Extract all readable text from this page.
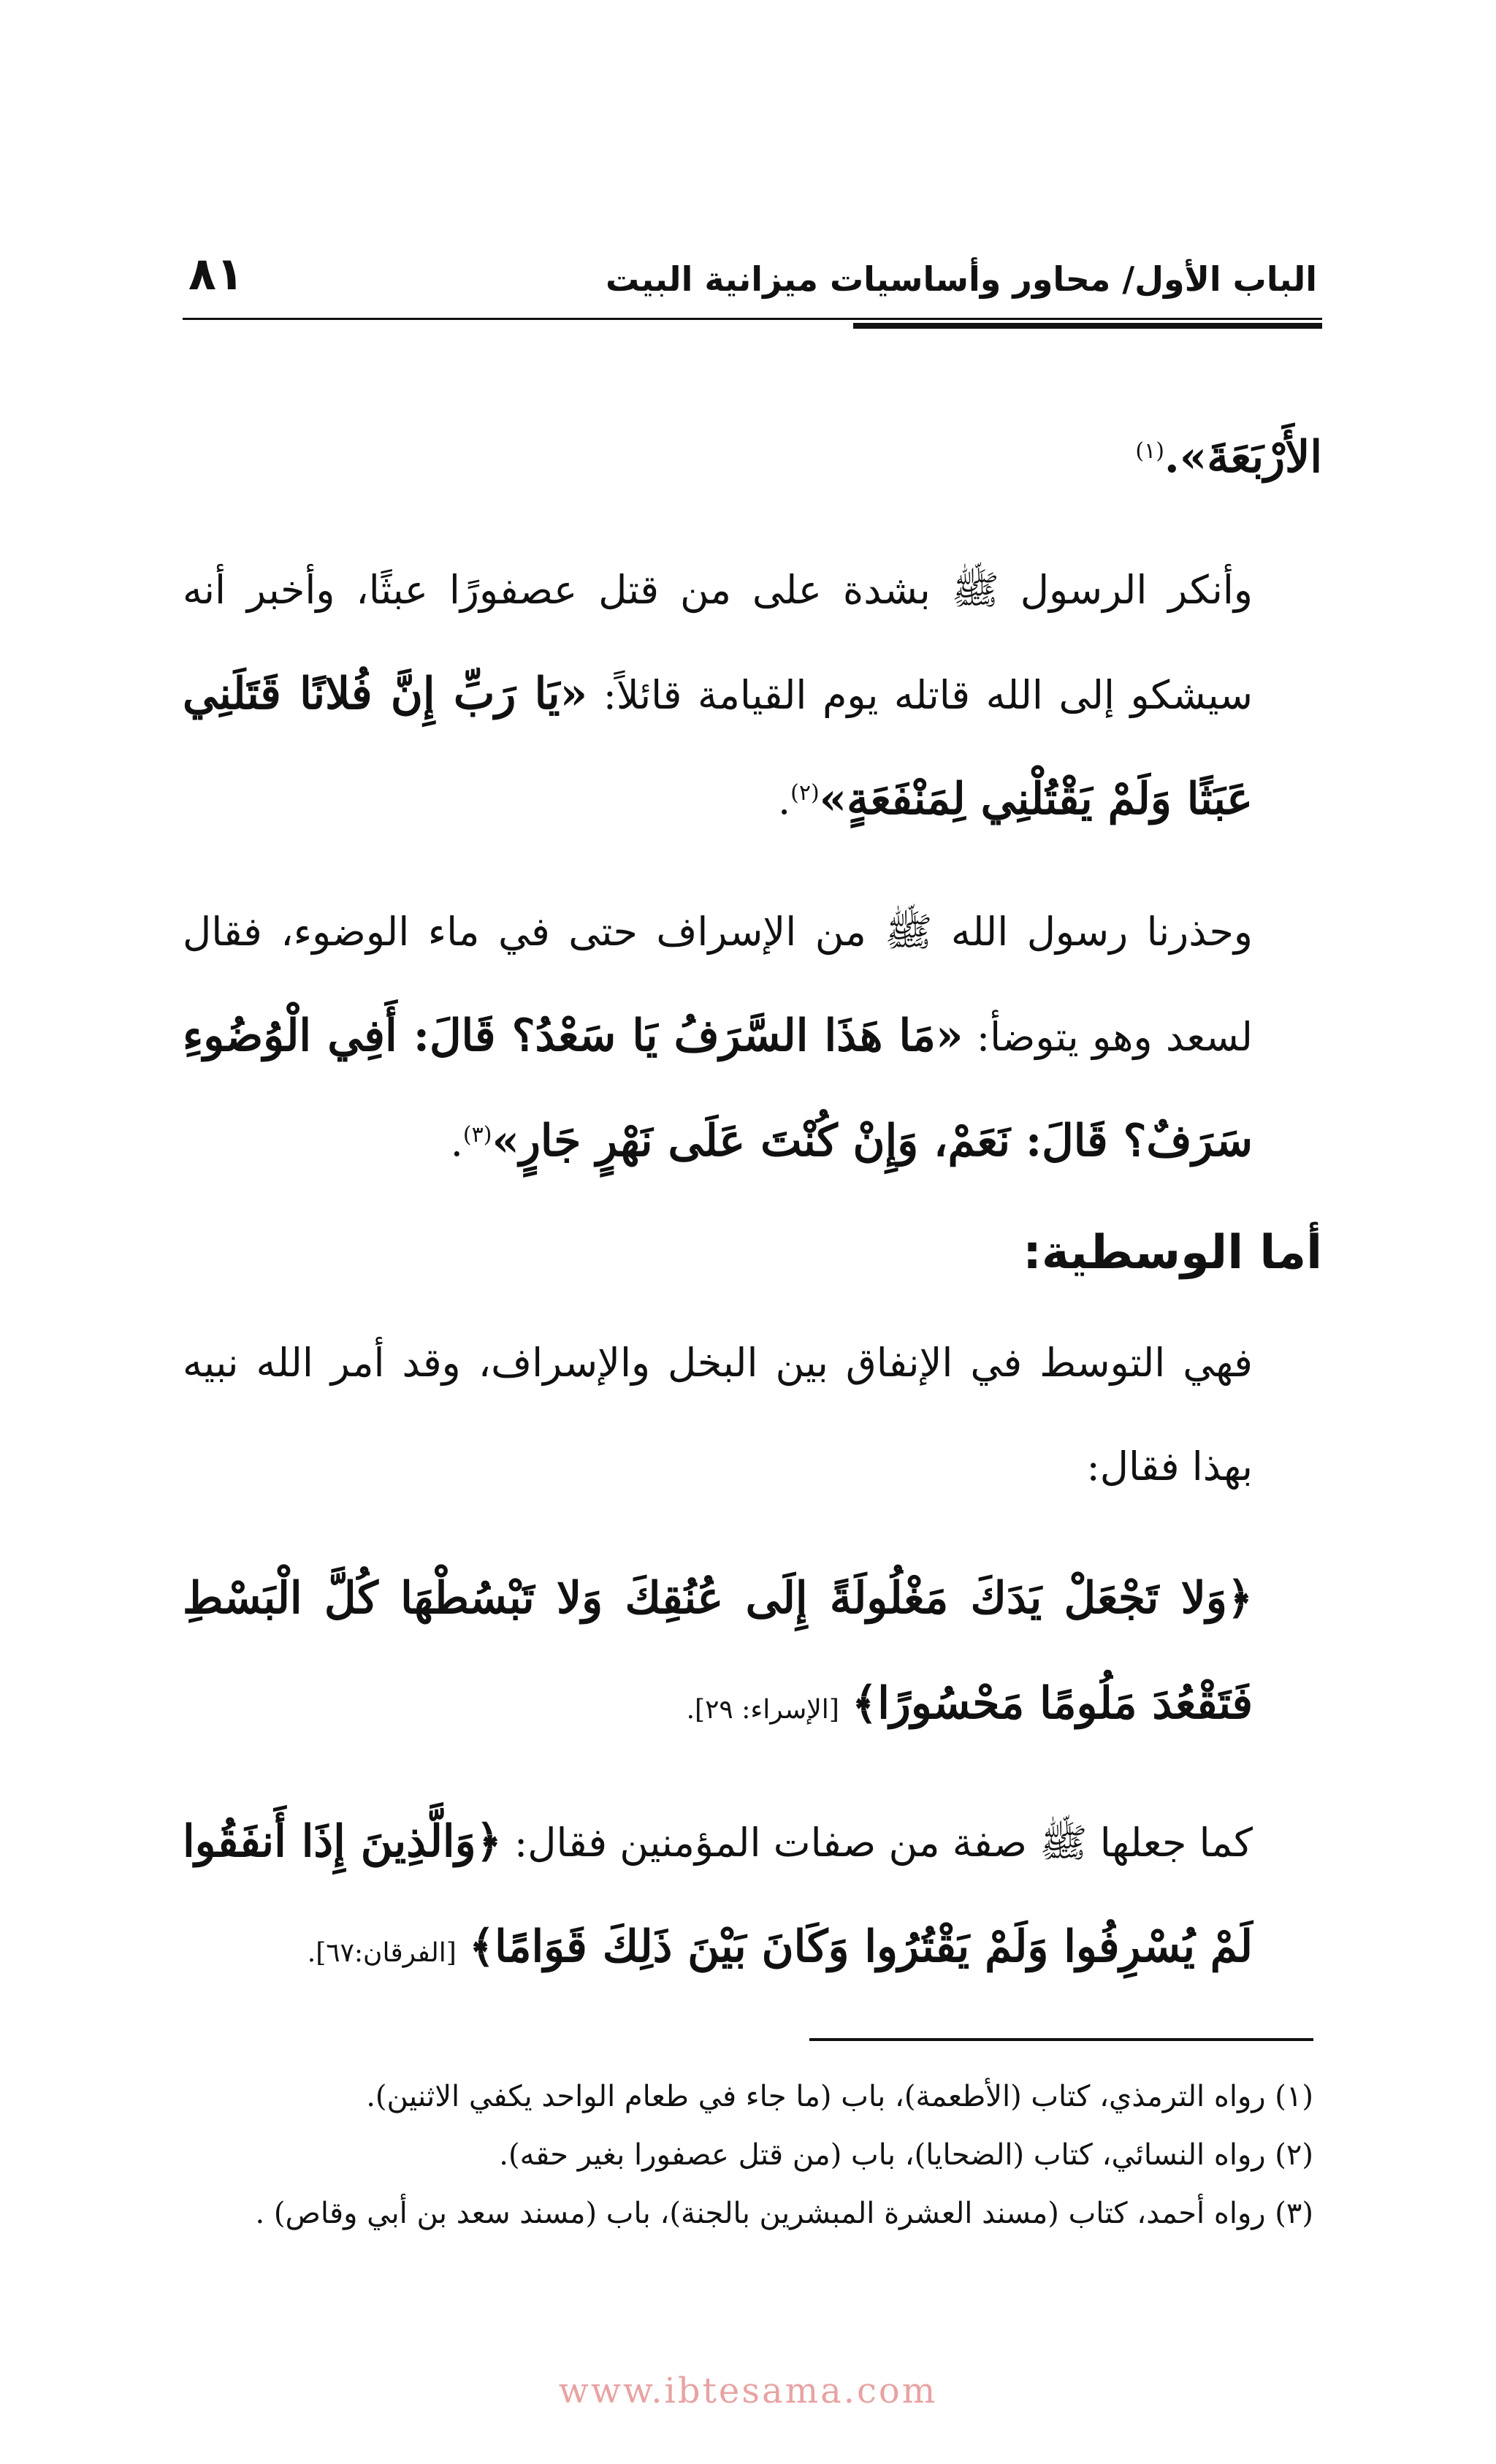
الباب الأول/ محاور وأساسيات ميزانية البيت
٨١

الأَرْبَعَةَ».$^{(١)}$

وأنكر الرسول ﷺ بشدة على من قتل عصفورًا عبثًا، وأخبر أنه سيشكو إلى الله قاتله يوم القيامة قائلاً: «يَا رَبِّ إِنَّ فُلانًا قَتَلَنِي عَبَثًا وَلَمْ يَقْتُلْنِي لِمَنْفَعَةٍ»$^{(٢)}$.

وحذرنا رسول الله ﷺ من الإسراف حتى في ماء الوضوء، فقال لسعد وهو يتوضأ: «مَا هَذَا السَّرَفُ يَا سَعْدُ؟ قَالَ: أَفِي الْوُضُوءِ سَرَفٌ؟ قَالَ: نَعَمْ، وَإِنْ كُنْتَ عَلَى نَهْرٍ جَارٍ»$^{(٣)}$.

أما الوسطية:

فهي التوسط في الإنفاق بين البخل والإسراف، وقد أمر الله نبيه بهذا فقال:

﴿وَلا تَجْعَلْ يَدَكَ مَغْلُولَةً إِلَى عُنُقِكَ وَلا تَبْسُطْهَا كُلَّ الْبَسْطِ فَتَقْعُدَ مَلُومًا مَحْسُورًا﴾ [الإسراء: ٢٩].

كما جعلها ﷺ صفة من صفات المؤمنين فقال: ﴿وَالَّذِينَ إِذَا أَنفَقُوا لَمْ يُسْرِفُوا وَلَمْ يَقْتُرُوا وَكَانَ بَيْنَ ذَلِكَ قَوَامًا﴾ [الفرقان:٦٧].

(١) رواه الترمذي، كتاب (الأطعمة)، باب (ما جاء في طعام الواحد يكفي الاثنين).

(٢) رواه النسائي، كتاب (الضحايا)، باب (من قتل عصفورا بغير حقه).

(٣) رواه أحمد، كتاب (مسند العشرة المبشرين بالجنة)، باب (مسند سعد بن أبي وقاص) .

www.ibtesama.com
